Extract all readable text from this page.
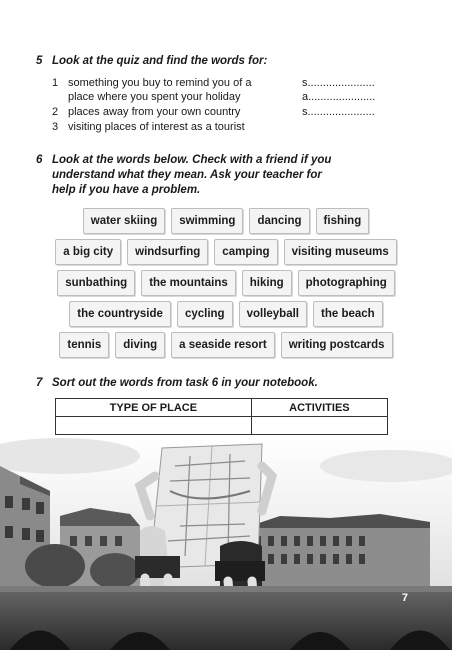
5 Look at the quiz and find the words for:
1 something you buy to remind you of a	s......................
place where you spent your holiday	a......................
2 places away from your own country	s......................
3 visiting places of interest as a tourist
6 Look at the words below. Check with a friend if you understand what they mean. Ask your teacher for help if you have a problem.
water skiing	swimming	dancing	fishing
a big city	windsurfing	camping	visiting museums
sunbathing	the mountains	hiking	photographing
the countryside	cycling	volleyball	the beach
tennis	diving	a seaside resort	writing postcards
7 Sort out the words from task 6 in your notebook.
TYPE OF PLACE	ACTIVITIES

7
